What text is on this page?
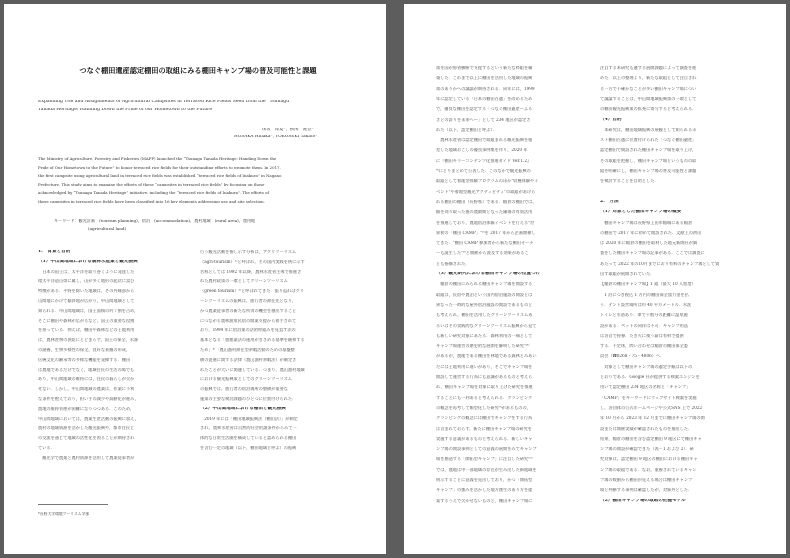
つなぐ棚田遺産認定棚田の取組にみる棚田キャンプ場の普及可能性と課題
Expanding Use and Assignments of Agricultural Campsites in Terraced Rice Fields Seen from the “Tsunagu
Tanada Heritage: Handing Down the Pride of our Hometown to the Future”
保坂　緋夏*，横関　隆登*
HOSAKA Hinaka*, YOKOSEKI Takato*
The Ministry of Agriculture, Forestry and Fisheries (MAFF) launched the “Tsunagu Tanada Heritage: Handing Down the
Pride of Our Hometown to the Future” to honor terraced rice fields for their outstanding efforts to promote them. In 2017,
the first campsite using agricultural land in terraced rice fields was established “terraced rice fields of Inakura” in Nagano
Prefecture. This study aims to examine the efforts of these “campsites in terraced rice fields” by focusing on those
acknowledged by “Tsunagu Tanada Heritage” initiative, including the “terraced rice fields of Inakura”. The efforts of
these campsites in terraced rice fields have been classified into 16 key elements addressing use and site selection.
キーワード：観光計画　(tourism planning)，宿泊　(accommodation)，農村地域　(rural area)，農用地
(agricultural land)
1.　背景と目的
（1）中山間地域における農林水産業と観光振興
　日本の国土は，太平洋を取り巻くように発達した
環太平洋造山帯に属し，山が多く地形の起伏に富む
特徴がある．平野を除いた地域は，その外縁部から
山間地にかけて傾斜地が広がり，中山間地域として
知られる．中山間地域は，国土面積の約７割を占め，
そこに棚田や森林が広がるなど，国土の重要な役割
を担っている．例えば，棚田や森林などの土地利用
は，農林産物の供給にとどまらず，国土の保全，水源
の涵養，生物多様性の保全，良好な景観の形成，
伝統文化の継承等の多様な機能を発揮する．棚田
は農地であるだけでなく，地域住民の生活の場でも
あり，中山間地域の維持には，住民の暮らしが欠か
せない．しかし，中山間地域の農業は，作業に不利
な条件を抱えており，担い手の減少や高齢化が進み，
農地の維持管理が困難になりつつある．このため，
中山間地域においては，農業生産活動の振興に加え，
農村の地域資源を活かした観光振興や，都市住民と
の交流を通じて地域の活性化を図ることが期待され
ている．
　観光学で農業と農村資源を活用して農業従事者が
行う観光活動を指し示す分析は，アグリツーリズム
（agri-tourism）¹⁾と呼ばれ，その国内実践を例に示す
名称としては 1992 年以降，農林水産省主導で推進さ
れた農村政策の一環としてグリーンツーリズム
（green tourism）²⁾と呼ばれてきた．振り返ればグリ
ーンツーリズムの振興は，旅行者の滞在先となり，
かつ農業従事者の新たな所得の機会を創出すること
につながる農林漁家民宿の開業支援から着手されて
おり，1994 年に宿泊業の法的枠組みを見直す法の
基本となる「旅館業法の運用がきさめる基準を緩和する
ため」³⁾「農山漁村滞在型余暇活動のための基盤整
備の促進に関する法律（農山漁村余暇法）が制定さ
れたことが大いに関連している．つまり，農山漁村地域
における観光振興策としてのグリーンツーリズム
の振興では，旅行者の宿泊場所の整備が重要な
施策の主要な検討課題のひとつに位置付けられた．
（2）中山間地域における棚田と観光振興
　2019 年には「棚田地域振興法（棚田法）」が制定
され，農林水産省は自然的社会的諸条件からみて一
体的な日常生活圏を構成していると認められる棚田
を含む一定の地域（以下，棚田地域と呼ぶ）の振興
*長野大学環境ツーリズム学部
策を国が府省横断で支援するという新たな枠組を構
築した．これまで以上に棚田を活用した地域の振興
策のありかへの議論が期待される．同年には，1999
年に認定している「日本の棚田百選」を改めるため
で，優良な棚田を認定する「つなぐ棚田遺産～ふる
さとの誇りを未来へ～」として 234 地区が認定さ
れた（以下，認定棚田と呼ぶ）．
　農林水産省は認定棚田で取組まれる観光振興を根
差した地域おこしの優良事例集を作り，2020 年
に『棚田キラーコンテンツ化推進ガイド Ver.1.2』
⁴⁾にとりまとめて公表した．このなかで観光振興の
取組として着地型体験プログラムのほか"収穫体験やイ
ベント"や着地型観光アクティビティ"の取組があげら
れる棚田の棚田（長野県）である．稲倉の棚田では，
稲を刈り取った後の農閑期となった圃場の有効活用
を推進しており，農地宿泊体験イベントを行える"世
界初の「棚田 CAMP」"⁵⁾を 2017 年から企画開催し
てきた．"棚田 CAMP 参加者から新たな棚田オーナ
ーも誕生した"⁶⁾と開催から波及する効果があるこ
とも指摘された．
（3）観光研究における棚田キャンプ場の位置づけ
　稲倉の棚田にみられる棚田キャンプ場を開設する
取組は，民宿や農泊という国内宿泊施設の開設とは
異なった一時的な屋外宿泊施設の開設であるものと
も考えられ，棚田を活用したグリーンツーリズムあ
るいはその実践的なグリーンツーリズム振興から見て
も新しい研究対象にあたる．森林利用の一端として
キャンプ場運営の歴史的な展開を解明した研究⁷⁾⁸⁾
があるが，農地である棚田を林地である森林とみあい
だには土地利用に違いがあり，そこでキャンプ場を
開設して運営する行為にも意識があるものと考えら
れ，棚田キャンプ場を対象に取り上げた研究を推進
することにも一利あると考えられる．グランピング
の概念を再考して類型化した研究⁹⁾があるものの，
グランピングの概念には棚田でキャンプをする行為
は含まれておらず，新たに棚田キャンプ場の研究を
実施する意義があるものと考えられる．新しいキャ
ンプ場の開設事例としての意義の展開をみてキャンプ
場を創造する「開拓型キャンプ」に注目した研究¹⁰⁾
では，農地は中一部地域の存在が生み出した新地域を
明示することに意義を見出しており，かつ「開拓型
キャンプ」の強みを活かした地方創生のあり方を提
案するうえで欠かせないものと，棚田キャンプ場に
注目する本研究も連する展開課題によって調査を進
めた．以上の整理より，新たな取組として注目され
る一方で不確かなことが多い棚田キャンプ場につい
て議論することは，中山間地域振興策の一環として
の棚田観光振興策の拡充に寄与すると考えられる．
（4）目的
　本研究は，棚田地域振興の展観として知られるポ
スト棚田百選に位置付けられた「つなぐ棚田遺産」
認定棚田で開設された棚田キャンプ場を取り上げ，
その取組を把握し，棚田キャンプ場というものの取
組を明確にし，棚田キャンプ場の普及可能性と課題
を検討することを目的とした．
2.　方法
（1）対象とした棚田キャンプ場の概要
　棚田キャンプ場は長野県上田市稲城にある稲倉
の棚田で 2017 年に初めて開設された．文献上の初出
は 2020 年に稲倉の棚田を取材した地元新聞社が調
査をした棚田キャンプ場の記事がある．ここでは調査に
あたって 2022 年の10月までにおり有料のキャンプ場として貸
出す取組が展開されていた．
【稲倉の棚田キャンプ場】1 組（最大 10 人程度）
　1 泊につき税込 1 万円の棚田保全協力金を払
う．テント設営場所は約 40 平方メートル．水洗
トイレと水道あり．車で十数分の距離に温泉施
設がある．ペットの同伴は不可．キャンプ用品
は各自で持参．たき火に使う薪は有料で提供
する．不定休，問い合わせは稲倉の棚田保全委
員会（☎0268・75・4806）へ．
　対象として棚田キャンプ場の選定手順は以下の
とおりである．Google 社が提供する検索エンジンを
用いて認定棚田 234 地区の名称と「キャンプ」
「CAMP」をキーワードにウェブサイト検索を実施
し，各団体の公式ホームページや公式SNS 上で 2022
年 10 月から 2023 年 12 月までに棚田キャンプ場の開
設または開催実績が確認されたものを抽出した．
結果，稲倉の棚田を含む認定棚田 9 地区にて棚田キャ
ンプ場の開設が確認できた（表－1 および 2）．研
究対象は，認定棚田 9 地区の棚田における棚田キャ
ンプ場の取組である．なお，重複されているキャン
プ場の数値から棚田が見える場合は棚田キャンプ
場と判断する事例は確認したが，対象外とした．
（2）棚田キャンプ場の取組の把握モデル
